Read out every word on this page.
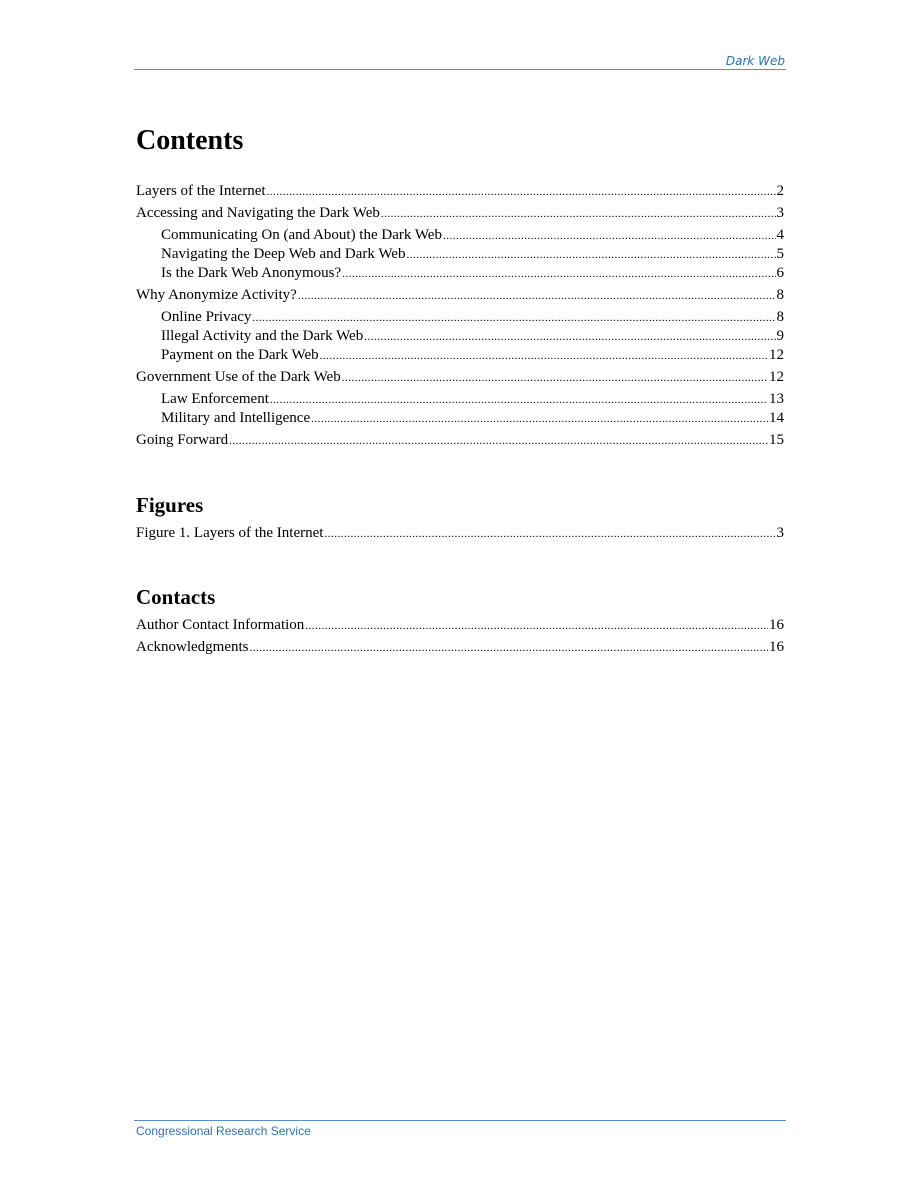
Dark Web
Contents
Layers of the Internet .....	2
Accessing and Navigating the Dark Web .....	3
Communicating On (and About) the Dark Web .....	4
Navigating the Deep Web and Dark Web .....	5
Is the Dark Web Anonymous? .....	6
Why Anonymize Activity? .....	8
Online Privacy .....	8
Illegal Activity and the Dark Web .....	9
Payment on the Dark Web .....	12
Government Use of the Dark Web .....	12
Law Enforcement .....	13
Military and Intelligence .....	14
Going Forward .....	15
Figures
Figure 1. Layers of the Internet .....	3
Contacts
Author Contact Information .....	16
Acknowledgments .....	16
Congressional Research Service
